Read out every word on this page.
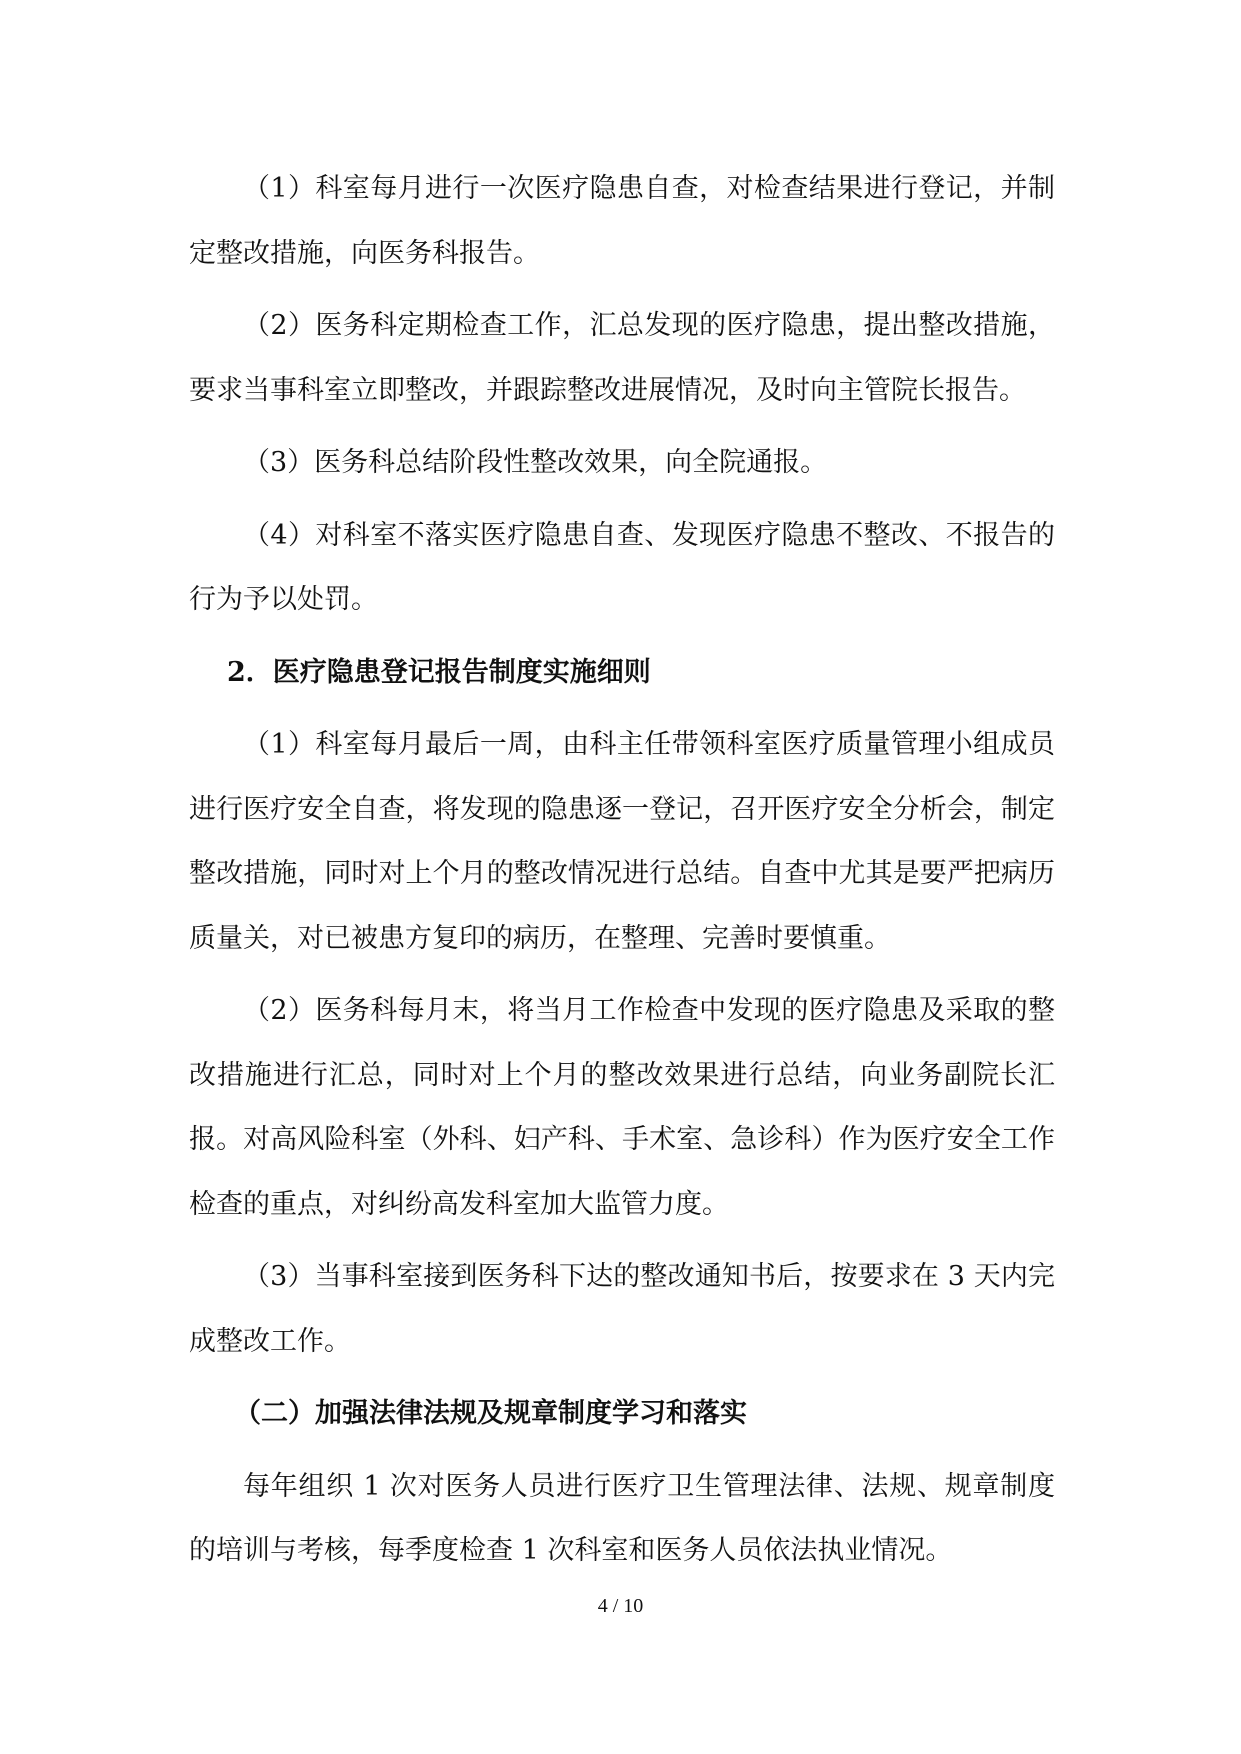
（1）科室每月进行一次医疗隐患自查，对检查结果进行登记，并制定整改措施，向医务科报告。

（2）医务科定期检查工作，汇总发现的医疗隐患，提出整改措施，要求当事科室立即整改，并跟踪整改进展情况，及时向主管院长报告。

（3）医务科总结阶段性整改效果，向全院通报。

（4）对科室不落实医疗隐患自查、发现医疗隐患不整改、不报告的行为予以处罚。

2．医疗隐患登记报告制度实施细则

（1）科室每月最后一周，由科主任带领科室医疗质量管理小组成员进行医疗安全自查，将发现的隐患逐一登记，召开医疗安全分析会，制定整改措施，同时对上个月的整改情况进行总结。自查中尤其是要严把病历质量关，对已被患方复印的病历，在整理、完善时要慎重。

（2）医务科每月末，将当月工作检查中发现的医疗隐患及采取的整改措施进行汇总，同时对上个月的整改效果进行总结，向业务副院长汇报。对高风险科室（外科、妇产科、手术室、急诊科）作为医疗安全工作检查的重点，对纠纷高发科室加大监管力度。

（3）当事科室接到医务科下达的整改通知书后，按要求在 3 天内完成整改工作。

（二）加强法律法规及规章制度学习和落实

每年组织 1 次对医务人员进行医疗卫生管理法律、法规、规章制度的培训与考核，每季度检查 1 次科室和医务人员依法执业情况。

4 / 10
